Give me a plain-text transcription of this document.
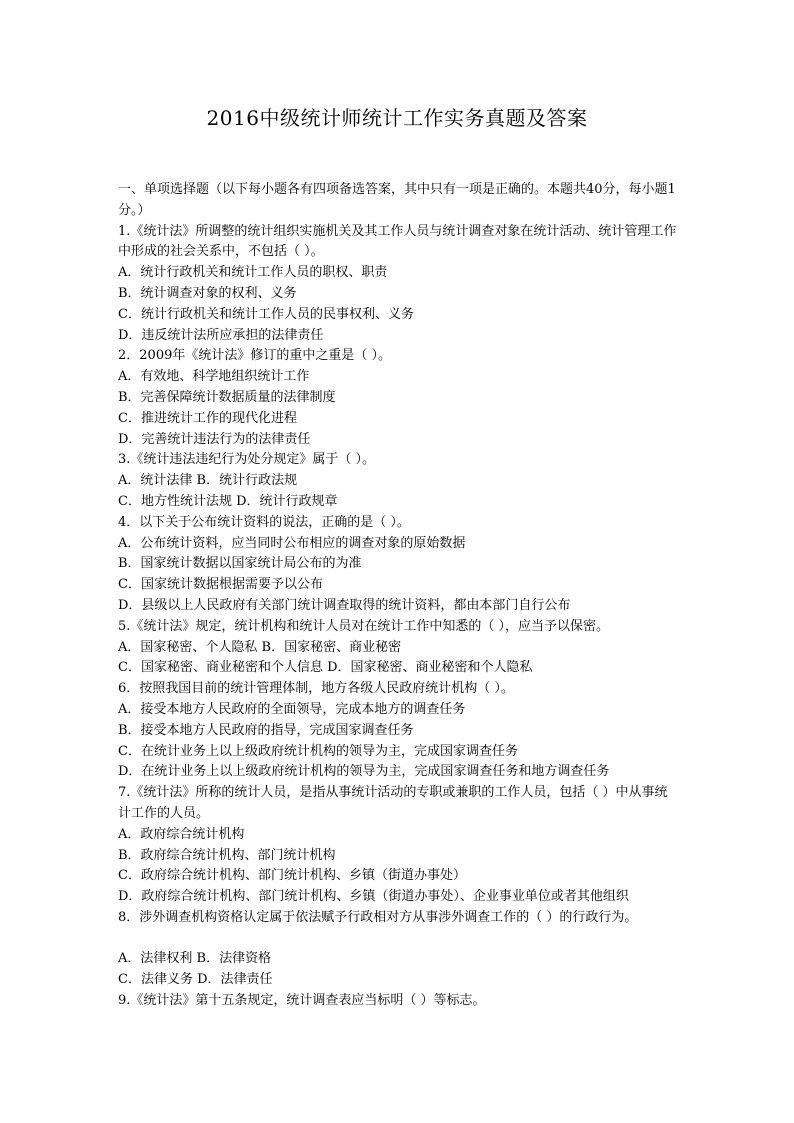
2016中级统计师统计工作实务真题及答案
一、单项选择题（以下每小题各有四项备选答案，其中只有一项是正确的。本题共40分，每小题1分。）
1.《统计法》所调整的统计组织实施机关及其工作人员与统计调查对象在统计活动、统计管理工作中形成的社会关系中，不包括（ ）。
A．统计行政机关和统计工作人员的职权、职责
B．统计调查对象的权利、义务
C．统计行政机关和统计工作人员的民事权利、义务
D．违反统计法所应承担的法律责任
2．2009年《统计法》修订的重中之重是（ ）。
A．有效地、科学地组织统计工作
B．完善保障统计数据质量的法律制度
C．推进统计工作的现代化进程
D．完善统计违法行为的法律责任
3.《统计违法违纪行为处分规定》属于（ ）。
A．统计法律 B．统计行政法规
C．地方性统计法规 D．统计行政规章
4．以下关于公布统计资料的说法，正确的是（ ）。
A．公布统计资料，应当同时公布相应的调查对象的原始数据
B．国家统计数据以国家统计局公布的为准
C．国家统计数据根据需要予以公布
D．县级以上人民政府有关部门统计调查取得的统计资料，都由本部门自行公布
5.《统计法》规定，统计机构和统计人员对在统计工作中知悉的（ ），应当予以保密。
A．国家秘密、个人隐私 B．国家秘密、商业秘密
C．国家秘密、商业秘密和个人信息 D．国家秘密、商业秘密和个人隐私
6．按照我国目前的统计管理体制，地方各级人民政府统计机构（ ）。
A．接受本地方人民政府的全面领导，完成本地方的调查任务
B．接受本地方人民政府的指导，完成国家调查任务
C．在统计业务上以上级政府统计机构的领导为主，完成国家调查任务
D．在统计业务上以上级政府统计机构的领导为主，完成国家调查任务和地方调查任务
7.《统计法》所称的统计人员，是指从事统计活动的专职或兼职的工作人员，包括（ ）中从事统计工作的人员。
A．政府综合统计机构
B．政府综合统计机构、部门统计机构
C．政府综合统计机构、部门统计机构、乡镇（街道办事处）
D．政府综合统计机构、部门统计机构、乡镇（街道办事处）、企业事业单位或者其他组织
8．涉外调查机构资格认定属于依法赋予行政相对方从事涉外调查工作的（ ）的行政行为。
A．法律权利 B．法律资格
C．法律义务 D．法律责任
9.《统计法》第十五条规定，统计调查表应当标明（ ）等标志。
